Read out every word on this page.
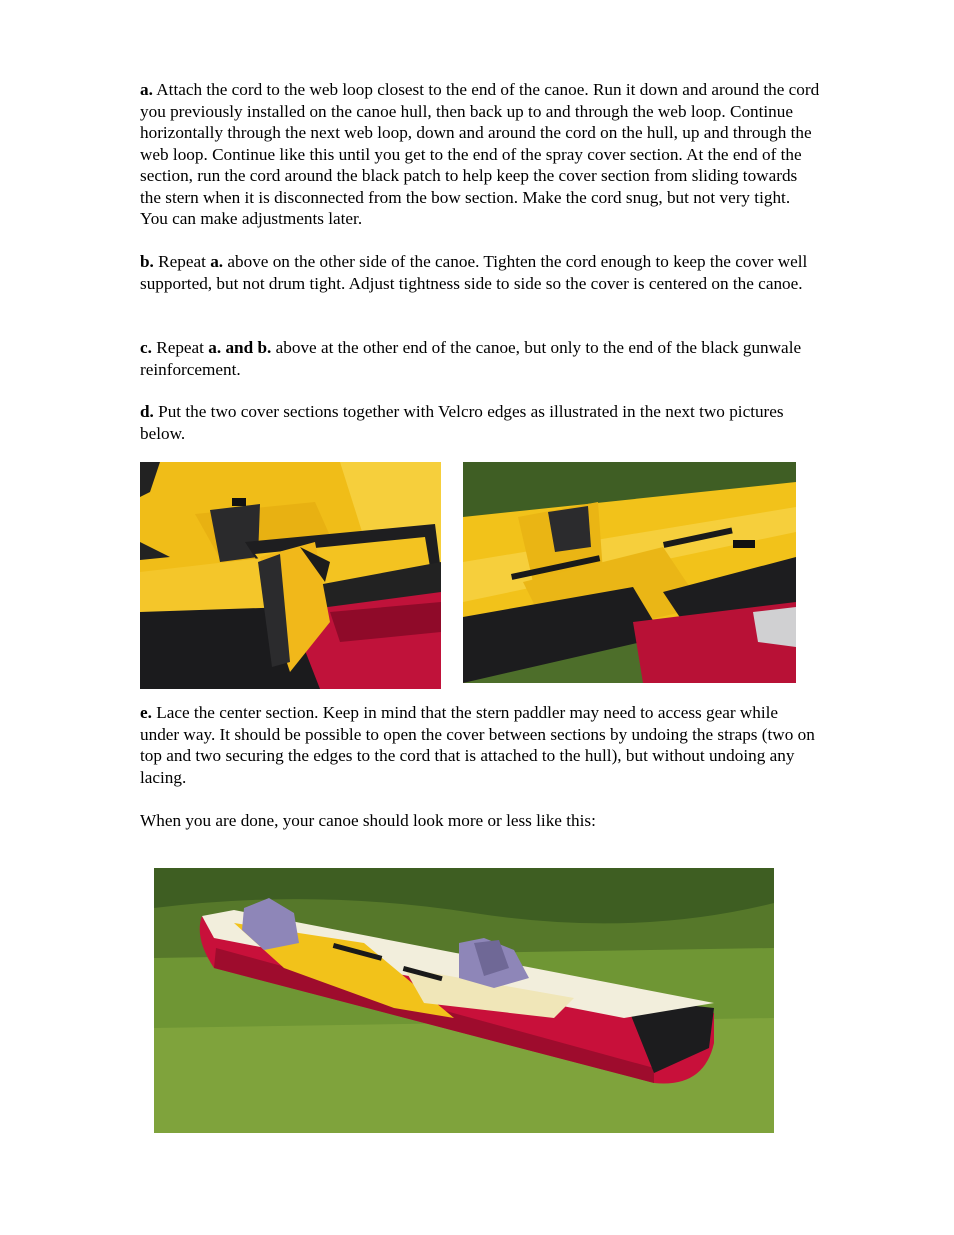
a. Attach the cord to the web loop closest to the end of the canoe. Run it down and around the cord you previously installed on the canoe hull, then back up to and through the web loop. Continue horizontally through the next web loop, down and around the cord on the hull, up and through the web loop. Continue like this until you get to the end of the spray cover section. At the end of the section, run the cord around the black patch to help keep the cover section from sliding towards the stern when it is disconnected from the bow section. Make the cord snug, but not very tight. You can make adjustments later.

b. Repeat a. above on the other side of the canoe. Tighten the cord enough to keep the cover well supported, but not drum tight. Adjust tightness side to side so the cover is centered on the canoe.

c. Repeat a. and b. above at the other end of the canoe, but only to the end of the black gunwale reinforcement.

d. Put the two cover sections together with Velcro edges as illustrated in the next two pictures below.

e. Lace the center section. Keep in mind that the stern paddler may need to access gear while under way. It should be possible to open the cover between sections by undoing the straps (two on top and two securing the edges to the cord that is attached to the hull), but without undoing any lacing.

When you are done, your canoe should look more or less like this:
